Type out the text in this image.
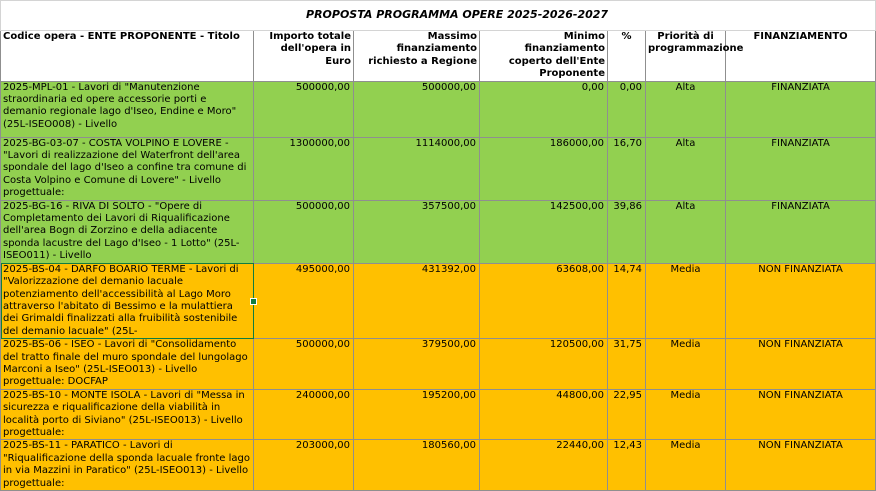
PROPOSTA PROGRAMMA OPERE 2025-2026-2027						
Codice opera - ENTE PROPONENTE - Titolo	Importo totale dell'opera in Euro	Massimo finanziamento richiesto a Regione	Minimo finanziamento coperto dell'Ente Proponente	%	Priorità di programmazione	FINANZIAMENTO
2025-MPL-01 - Lavori di "Manutenzione straordinaria ed opere accessorie porti e demanio regionale lago d'Iseo, Endine e Moro" (25L-ISEO008) - Livello	500000,00	500000,00	0,00	0,00	Alta	FINANZIATA
2025-BG-03-07 - COSTA VOLPINO E LOVERE - "Lavori di realizzazione del Waterfront dell'area spondale del lago d'Iseo a confine tra comune di Costa Volpino e Comune di Lovere" - Livello progettuale:	1300000,00	1114000,00	186000,00	16,70	Alta	FINANZIATA
2025-BG-16 - RIVA DI SOLTO - "Opere di Completamento dei Lavori di Riqualificazione dell'area Bogn di Zorzino e della adiacente sponda lacustre del Lago d'Iseo - 1 Lotto" (25L-ISEO011) - Livello	500000,00	357500,00	142500,00	39,86	Alta	FINANZIATA
2025-BS-04 - DARFO BOARIO TERME - Lavori di "Valorizzazione del demanio lacuale potenziamento dell'accessibilità al Lago Moro attraverso l'abitato di Bessimo e la mulattiera dei Grimaldi finalizzati alla fruibilità sostenibile del demanio lacuale" (25L-	495000,00	431392,00	63608,00	14,74	Media	NON FINANZIATA
2025-BS-06 - ISEO - Lavori di "Consolidamento del tratto finale del muro spondale del lungolago Marconi a Iseo" (25L-ISEO013) - Livello progettuale: DOCFAP	500000,00	379500,00	120500,00	31,75	Media	NON FINANZIATA
2025-BS-10 - MONTE ISOLA - Lavori di "Messa in sicurezza e riqualificazione della viabilità in località porto di Siviano" (25L-ISEO013) - Livello progettuale:	240000,00	195200,00	44800,00	22,95	Media	NON FINANZIATA
2025-BS-11 - PARATICO - Lavori di "Riqualificazione della sponda lacuale fronte lago in via Mazzini in Paratico" (25L-ISEO013) - Livello progettuale:	203000,00	180560,00	22440,00	12,43	Media	NON FINANZIATA
